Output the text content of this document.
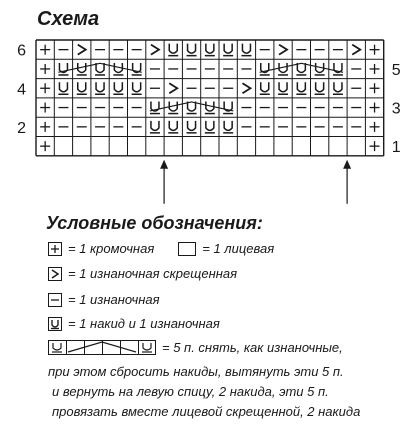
Схема
6
4
2
5
3
1
Условные обозначения:
= 1 кромочная	= 1 лицевая
= 1 изнаночная скрещенная
= 1 изнаночная
= 1 накид и 1 изнаночная
= 5 п. снять, как изнаночные,
при этом сбросить накиды, вытянуть эти 5 п.
и вернуть на левую спицу, 2 накида, эти 5 п.
провязать вместе лицевой скрещенной, 2 накида
